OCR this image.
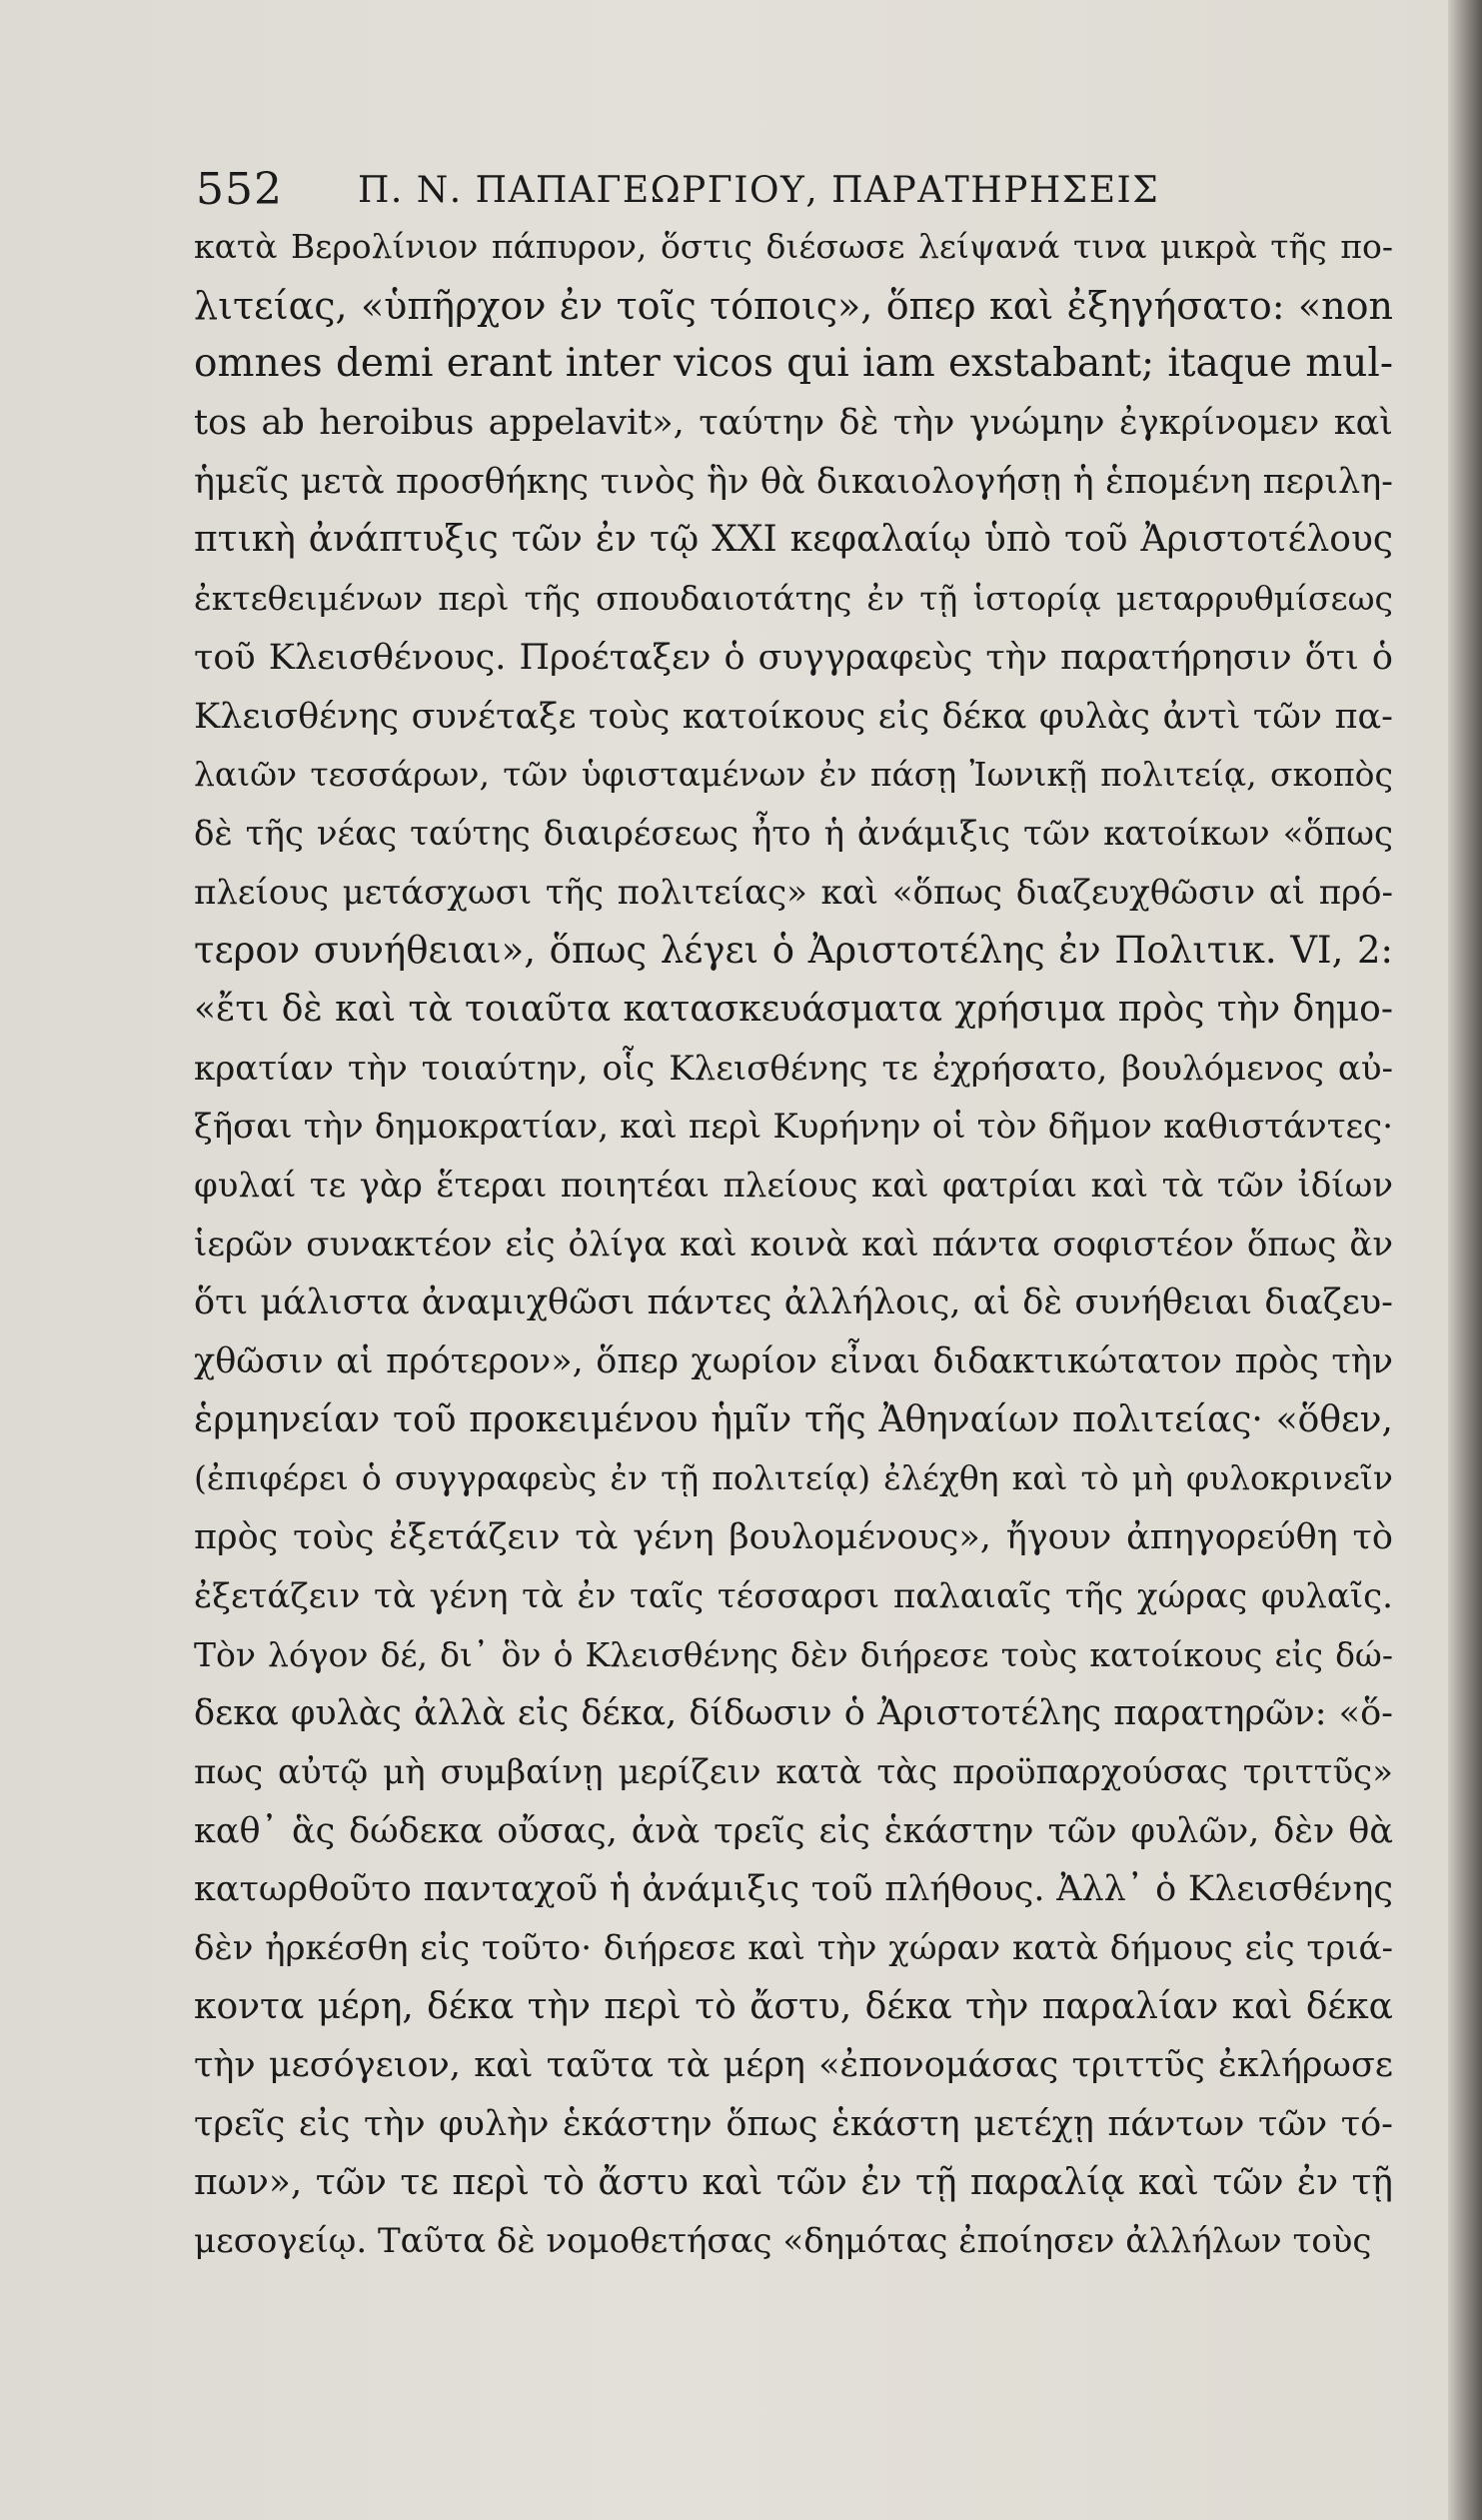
552 Π. Ν. ΠΑΠΑΓΕΩΡΓΙΟΥ, ΠΑΡΑΤΗΡΗΣΕΙΣ
κατὰ Βερολίνιον πάπυρον, ὅστις διέσωσε λείψανά τινα μικρὰ τῆς πο-
λιτείας, «ὑπῆρχον ἐν τοῖς τόποις», ὅπερ καὶ ἐξηγήσατο: «non
omnes demi erant inter vicos qui iam exstabant; itaque mul-
tos ab heroibus appelavit», ταύτην δὲ τὴν γνώμην ἐγκρίνομεν καὶ
ἡμεῖς μετὰ προσθήκης τινὸς ἣν θὰ δικαιολογήσῃ ἡ ἑπομένη περιλη-
πτικὴ ἀνάπτυξις τῶν ἐν τῷ XXI κεφαλαίῳ ὑπὸ τοῦ Ἀριστοτέλους
ἐκτεθειμένων περὶ τῆς σπουδαιοτάτης ἐν τῇ ἱστορίᾳ μεταρρυθμίσεως
τοῦ Κλεισθένους. Προέταξεν ὁ συγγραφεὺς τὴν παρατήρησιν ὅτι ὁ
Κλεισθένης συνέταξε τοὺς κατοίκους εἰς δέκα φυλὰς ἀντὶ τῶν πα-
λαιῶν τεσσάρων, τῶν ὑφισταμένων ἐν πάσῃ Ἰωνικῇ πολιτείᾳ, σκοπὸς
δὲ τῆς νέας ταύτης διαιρέσεως ἦτο ἡ ἀνάμιξις τῶν κατοίκων «ὅπως
πλείους μετάσχωσι τῆς πολιτείας» καὶ «ὅπως διαζευχθῶσιν αἱ πρό-
τερον συνήθειαι», ὅπως λέγει ὁ Ἀριστοτέλης ἐν Πολιτικ. VI, 2:
«ἔτι δὲ καὶ τὰ τοιαῦτα κατασκευάσματα χρήσιμα πρὸς τὴν δημο-
κρατίαν τὴν τοιαύτην, οἷς Κλεισθένης τε ἐχρήσατο, βουλόμενος αὐ-
ξῆσαι τὴν δημοκρατίαν, καὶ περὶ Κυρήνην οἱ τὸν δῆμον καθιστάντες·
φυλαί τε γὰρ ἕτεραι ποιητέαι πλείους καὶ φατρίαι καὶ τὰ τῶν ἰδίων
ἱερῶν συνακτέον εἰς ὀλίγα καὶ κοινὰ καὶ πάντα σοφιστέον ὅπως ἂν
ὅτι μάλιστα ἀναμιχθῶσι πάντες ἀλλήλοις, αἱ δὲ συνήθειαι διαζευ-
χθῶσιν αἱ πρότερον», ὅπερ χωρίον εἶναι διδακτικώτατον πρὸς τὴν
ἑρμηνείαν τοῦ προκειμένου ἡμῖν τῆς Ἀθηναίων πολιτείας· «ὅθεν,
(ἐπιφέρει ὁ συγγραφεὺς ἐν τῇ πολιτείᾳ) ἐλέχθη καὶ τὸ μὴ φυλοκρινεῖν
πρὸς τοὺς ἐξετάζειν τὰ γένη βουλομένους», ἤγουν ἀπηγορεύθη τὸ
ἐξετάζειν τὰ γένη τὰ ἐν ταῖς τέσσαρσι παλαιαῖς τῆς χώρας φυλαῖς.
Τὸν λόγον δέ, δι᾽ ὃν ὁ Κλεισθένης δὲν διήρεσε τοὺς κατοίκους εἰς δώ-
δεκα φυλὰς ἀλλὰ εἰς δέκα, δίδωσιν ὁ Ἀριστοτέλης παρατηρῶν: «ὅ-
πως αὐτῷ μὴ συμβαίνῃ μερίζειν κατὰ τὰς προϋπαρχούσας τριττῦς»
καθ᾽ ἃς δώδεκα οὔσας, ἀνὰ τρεῖς εἰς ἑκάστην τῶν φυλῶν, δὲν θὰ
κατωρθοῦτο πανταχοῦ ἡ ἀνάμιξις τοῦ πλήθους. Ἀλλ᾽ ὁ Κλεισθένης
δὲν ἠρκέσθη εἰς τοῦτο· διήρεσε καὶ τὴν χώραν κατὰ δήμους εἰς τριά-
κοντα μέρη, δέκα τὴν περὶ τὸ ἄστυ, δέκα τὴν παραλίαν καὶ δέκα
τὴν μεσόγειον, καὶ ταῦτα τὰ μέρη «ἐπονομάσας τριττῦς ἐκλήρωσε
τρεῖς εἰς τὴν φυλὴν ἑκάστην ὅπως ἑκάστη μετέχῃ πάντων τῶν τό-
πων», τῶν τε περὶ τὸ ἄστυ καὶ τῶν ἐν τῇ παραλίᾳ καὶ τῶν ἐν τῇ
μεσογείῳ. Ταῦτα δὲ νομοθετήσας «δημότας ἐποίησεν ἀλλήλων τοὺς
